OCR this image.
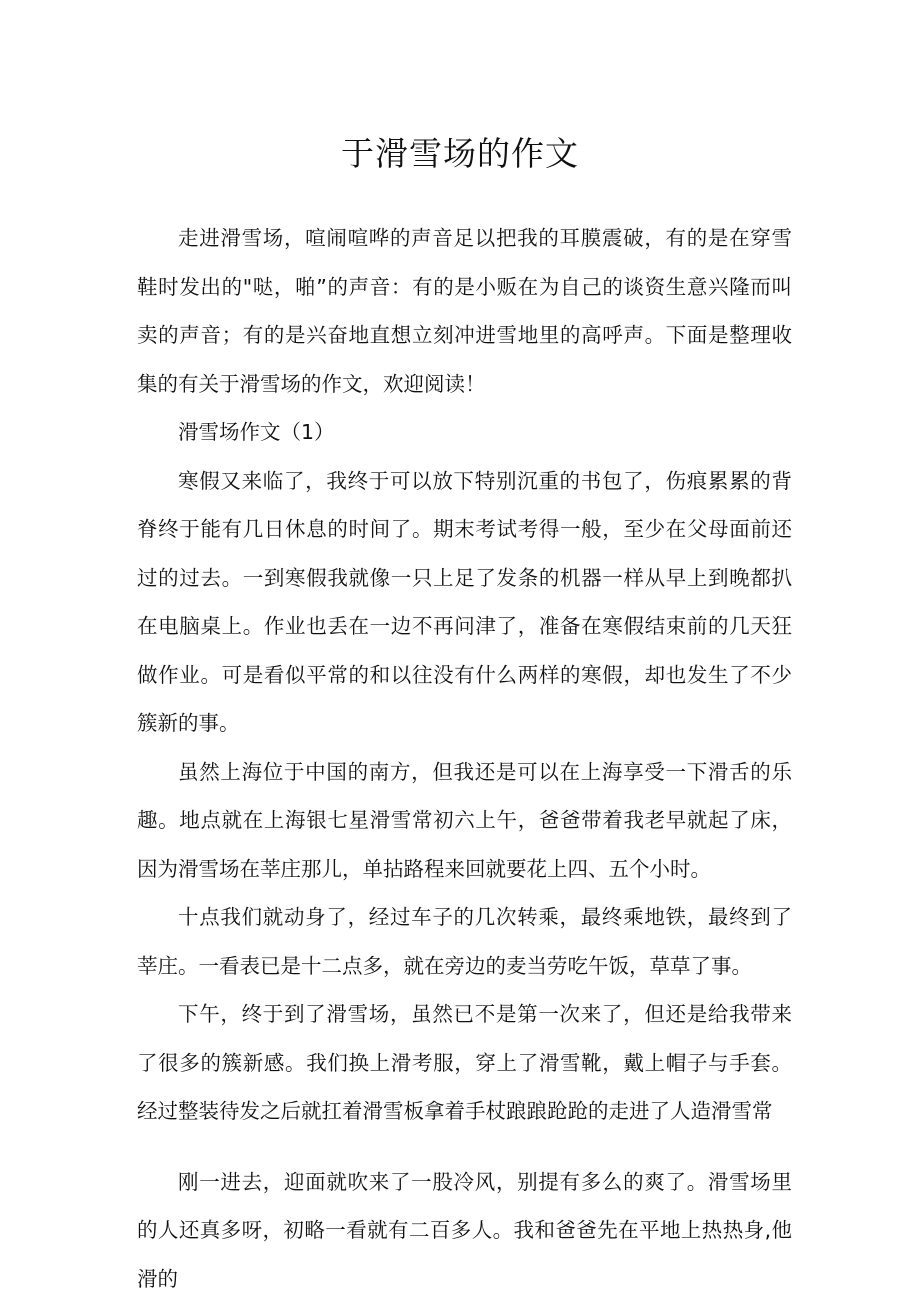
于滑雪场的作文

走进滑雪场，喧闹喧哗的声音足以把我的耳膜震破，有的是在穿雪鞋时发出的"哒，啪”的声音：有的是小贩在为自己的谈资生意兴隆而叫卖的声音；有的是兴奋地直想立刻冲进雪地里的高呼声。下面是整理收集的有关于滑雪场的作文，欢迎阅读！

滑雪场作文（1）

寒假又来临了，我终于可以放下特别沉重的书包了，伤痕累累的背脊终于能有几日休息的时间了。期末考试考得一般，至少在父母面前还过的过去。一到寒假我就像一只上足了发条的机器一样从早上到晚都扒在电脑桌上。作业也丢在一边不再问津了，准备在寒假结束前的几天狂做作业。可是看似平常的和以往没有什么两样的寒假，却也发生了不少簇新的事。

虽然上海位于中国的南方，但我还是可以在上海享受一下滑舌的乐趣。地点就在上海银七星滑雪常初六上午，爸爸带着我老早就起了床，因为滑雪场在莘庄那儿，单拈路程来回就要花上四、五个小时。

十点我们就动身了，经过车子的几次转乘，最终乘地铁，最终到了莘庄。一看表已是十二点多，就在旁边的麦当劳吃午饭，草草了事。

下午，终于到了滑雪场，虽然已不是第一次来了，但还是给我带来了很多的簇新感。我们换上滑考服，穿上了滑雪靴，戴上帽子与手套。经过整装待发之后就扛着滑雪板拿着手杖踉踉跄跄的走进了人造滑雪常

刚一进去，迎面就吹来了一股冷风，别提有多么的爽了。滑雪场里的人还真多呀，初略一看就有二百多人。我和爸爸先在平地上热热身,他滑的
